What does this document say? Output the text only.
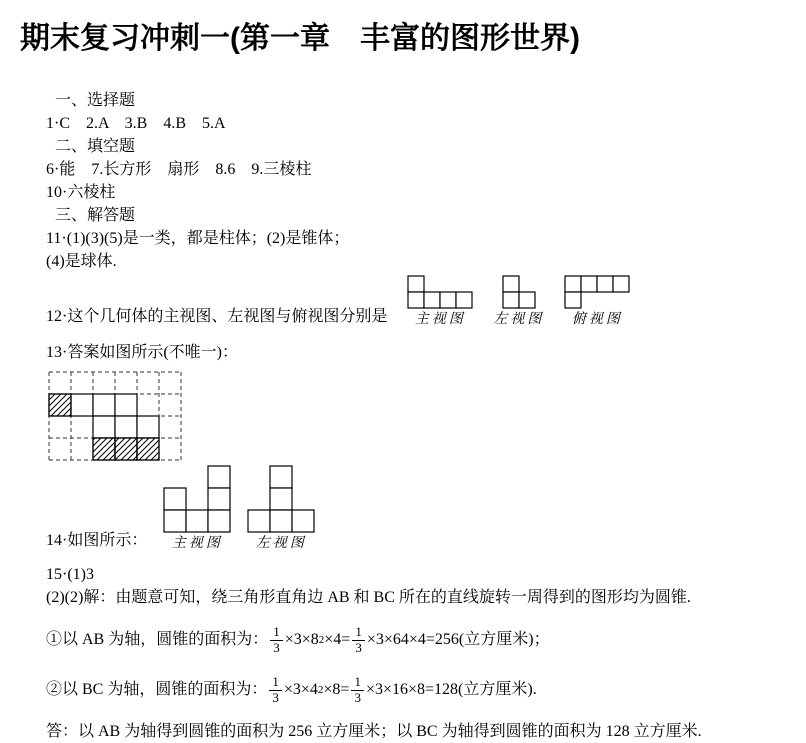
期末复习冲刺一(第一章　丰富的图形世界)
一、选择题
1·C　2.A　3.B　4.B　5.A
二、填空题
6·能　7.长方形　扇形　8.6　9.三棱柱
10·六棱柱
三、解答题
11·(1)(3)(5)是一类，都是柱体；(2)是锥体；
(4)是球体.
12·这个几何体的主视图、左视图与俯视图分别是 主视图 左视图 俯视图
13·答案如图所示(不唯一)：
14·如图所示： 主视图 左视图
15·(1)3
(2)(2)解：由题意可知，绕三角形直角边 AB 和 BC 所在的直线旋转一周得到的图形均为圆锥.
①以 AB 为轴，圆锥的面积为： $\frac{1}{3} \times 3\times 8$ $2 \times 4= \frac{1}{3} \times 3\times 64\times 4=256$(立方厘米)；
②以 BC 为轴，圆锥的面积为： $\frac{1}{3} \times 3\times 4$ $2 \times 8= \frac{1}{3} \times 3\times 16\times 8=128$(立方厘米).
答：以 AB 为轴得到圆锥的面积为 256 立方厘米；以 BC 为轴得到圆锥的面积为 128 立方厘米.
